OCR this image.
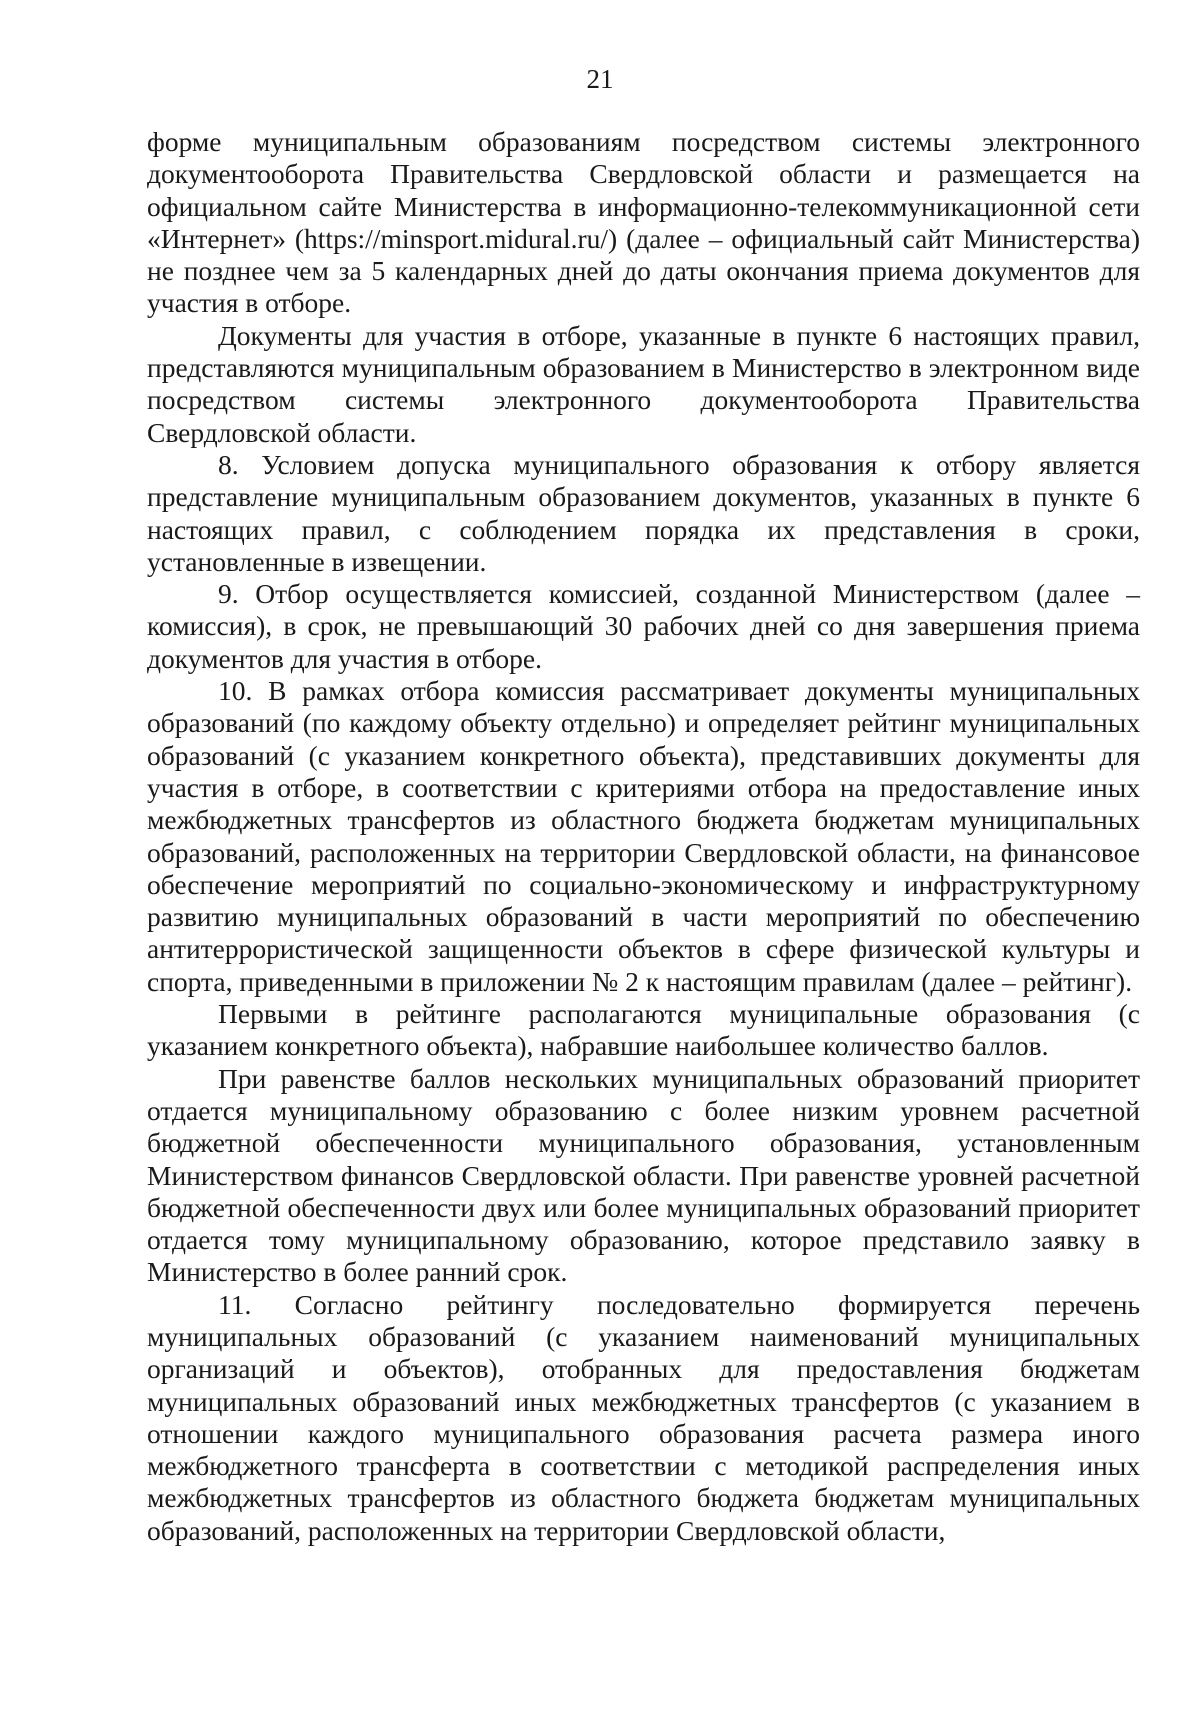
21

форме муниципальным образованиям посредством системы электронного документооборота Правительства Свердловской области и размещается на официальном сайте Министерства в информационно-телекоммуникационной сети «Интернет» (https://minsport.midural.ru/) (далее – официальный сайт Министерства) не позднее чем за 5 календарных дней до даты окончания приема документов для участия в отборе.

Документы для участия в отборе, указанные в пункте 6 настоящих правил, представляются муниципальным образованием в Министерство в электронном виде посредством системы электронного документооборота Правительства Свердловской области.

8. Условием допуска муниципального образования к отбору является представление муниципальным образованием документов, указанных в пункте 6 настоящих правил, с соблюдением порядка их представления в сроки, установленные в извещении.

9. Отбор осуществляется комиссией, созданной Министерством (далее – комиссия), в срок, не превышающий 30 рабочих дней со дня завершения приема документов для участия в отборе.

10. В рамках отбора комиссия рассматривает документы муниципальных образований (по каждому объекту отдельно) и определяет рейтинг муниципальных образований (с указанием конкретного объекта), представивших документы для участия в отборе, в соответствии с критериями отбора на предоставление иных межбюджетных трансфертов из областного бюджета бюджетам муниципальных образований, расположенных на территории Свердловской области, на финансовое обеспечение мероприятий по социально-экономическому и инфраструктурному развитию муниципальных образований в части мероприятий по обеспечению антитеррористической защищенности объектов в сфере физической культуры и спорта, приведенными в приложении № 2 к настоящим правилам (далее – рейтинг).

Первыми в рейтинге располагаются муниципальные образования (с указанием конкретного объекта), набравшие наибольшее количество баллов.

При равенстве баллов нескольких муниципальных образований приоритет отдается муниципальному образованию с более низким уровнем расчетной бюджетной обеспеченности муниципального образования, установленным Министерством финансов Свердловской области. При равенстве уровней расчетной бюджетной обеспеченности двух или более муниципальных образований приоритет отдается тому муниципальному образованию, которое представило заявку в Министерство в более ранний срок.

11. Согласно рейтингу последовательно формируется перечень муниципальных образований (с указанием наименований муниципальных организаций и объектов), отобранных для предоставления бюджетам муниципальных образований иных межбюджетных трансфертов (с указанием в отношении каждого муниципального образования расчета размера иного межбюджетного трансферта в соответствии с методикой распределения иных межбюджетных трансфертов из областного бюджета бюджетам муниципальных образований, расположенных на территории Свердловской области,
